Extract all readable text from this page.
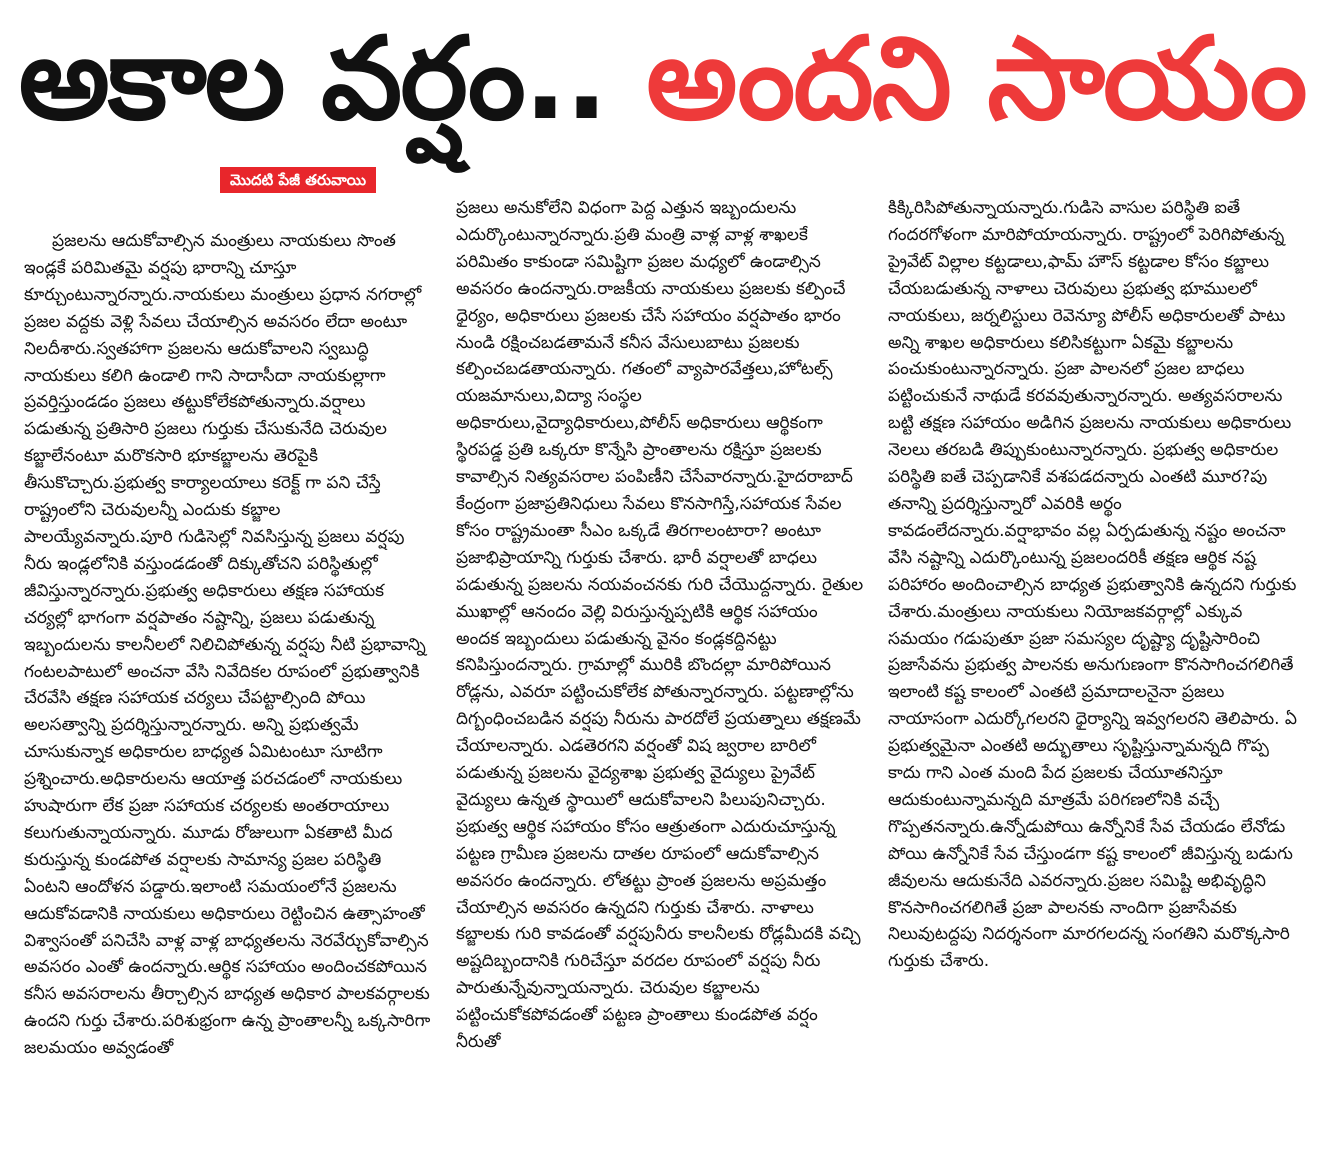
అకాల వర్షం.. అందని సాయం
మొదటి పేజీ తరువాయి

ప్రజలను ఆదుకోవాల్సిన మంత్రులు నాయకులు సొంత ఇండ్లకే పరిమితమై వర్షపు భారాన్ని చూస్తూ కూర్చుంటున్నారన్నారు.నాయకులు మంత్రులు ప్రధాన నగరాల్లో ప్రజల వద్దకు వెళ్లి సేవలు చేయాల్సిన అవసరం లేదా అంటూ నిలదీశారు.స్వతహాగా ప్రజలను ఆదుకోవాలని స్వబుద్ధి నాయకులు కలిగి ఉండాలి గాని సాదాసీదా నాయకుల్లాగా ప్రవర్తిస్తుండడం ప్రజలు తట్టుకోలేకపోతున్నారు.వర్షాలు పడుతున్న ప్రతిసారి ప్రజలు గుర్తుకు చేసుకునేది చెరువుల కబ్జాలేనంటూ మరొకసారి భూకబ్జాలను తెరపైకి తీసుకొచ్చారు.ప్రభుత్వ కార్యాలయాలు కరెక్ట్ గా పని చేస్తే రాష్ట్రంలోని చెరువులన్నీ ఎందుకు కబ్జాల పాలయ్యేవన్నారు.పూరి గుడిసెల్లో నివసిస్తున్న ప్రజలు వర్షపు నీరు ఇండ్లలోనికి వస్తుండడంతో దిక్కుతోచని పరిస్థితుల్లో జీవిస్తున్నారన్నారు.ప్రభుత్వ అధికారులు తక్షణ సహాయక చర్యల్లో భాగంగా వర్షపాతం నష్టాన్ని, ప్రజలు పడుతున్న ఇబ్బందులను కాలనీలలో నిలిచిపోతున్న వర్షపు నీటి ప్రభావాన్ని గంటలపాటులో అంచనా వేసి నివేదికల రూపంలో ప్రభుత్వానికి చేరవేసి తక్షణ సహాయక చర్యలు చేపట్టాల్సింది పోయి అలసత్వాన్ని ప్రదర్శిస్తున్నారన్నారు. అన్ని ప్రభుత్వమే చూసుకున్నాక అధికారుల బాధ్యత ఏమిటంటూ సూటిగా ప్రశ్నించారు.అధికారులను ఆయాత్త పరచడంలో నాయకులు హుషారుగా లేక ప్రజా సహాయక చర్యలకు అంతరాయాలు కలుగుతున్నాయన్నారు. మూడు రోజులుగా ఏకతాటి మీద కురుస్తున్న కుండపోత వర్షాలకు సామాన్య ప్రజల పరిస్థితి ఏంటని ఆందోళన పడ్డారు.ఇలాంటి సమయంలోనే ప్రజలను ఆదుకోవడానికి నాయకులు అధికారులు రెట్టించిన ఉత్సాహంతో విశ్వాసంతో పనిచేసి వాళ్ల వాళ్ల బాధ్యతలను నెరవేర్చుకోవాల్సిన అవసరం ఎంతో ఉందన్నారు.ఆర్థిక సహాయం అందించకపోయిన కనీస అవసరాలను తీర్చాల్సిన బాధ్యత అధికార పాలకవర్గాలకు ఉందని గుర్తు చేశారు.పరిశుభ్రంగా ఉన్న ప్రాంతాలన్నీ ఒక్కసారిగా జలమయం అవ్వడంతో

ప్రజలు అనుకోలేని విధంగా పెద్ద ఎత్తున ఇబ్బందులను ఎదుర్కొంటున్నారన్నారు.ప్రతి మంత్రి వాళ్ల వాళ్ల శాఖలకే పరిమితం కాకుండా సమిష్టిగా ప్రజల మధ్యలో ఉండాల్సిన అవసరం ఉందన్నారు.రాజకీయ నాయకులు ప్రజలకు కల్పించే ధైర్యం, అధికారులు ప్రజలకు చేసే సహాయం వర్షపాతం భారం నుండి రక్షించబడతామనే కనీస వేసులుబాటు ప్రజలకు కల్పించబడతాయన్నారు. గతంలో వ్యాపారవేత్తలు,హోటల్స్ యజమానులు,విద్యా సంస్థల అధికారులు,వైద్యాధికారులు,పోలీస్ అధికారులు ఆర్థికంగా స్థిరపడ్డ ప్రతి ఒక్కరూ కొన్నేసి ప్రాంతాలను రక్షిస్తూ ప్రజలకు కావాల్సిన నిత్యవసరాల పంపిణీని చేసేవారన్నారు.హైదరాబాద్ కేంద్రంగా ప్రజాప్రతినిధులు సేవలు కొనసాగిస్తే,సహాయక సేవల కోసం రాష్ట్రమంతా సీఎం ఒక్కడే తిరగాలంటారా? అంటూ ప్రజాభిప్రాయాన్ని గుర్తుకు చేశారు. భారీ వర్షాలతో బాధలు పడుతున్న ప్రజలను నయవంచనకు గురి చేయొద్దన్నారు. రైతుల ముఖాల్లో ఆనందం వెల్లి విరుస్తున్నప్పటికి ఆర్థిక సహాయం అందక ఇబ్బందులు పడుతున్న వైనం కండ్లకద్దినట్టు కనిపిస్తుందన్నారు. గ్రామాల్లో మురికి బొందల్లా మారిపోయిన రోడ్లను, ఎవరూ పట్టించుకోలేక పోతున్నారన్నారు. పట్టణాల్లోను దిగ్బంధించబడిన వర్షపు నీరును పారదోలే ప్రయత్నాలు తక్షణమే చేయాలన్నారు. ఎడతెరగని వర్షంతో విష జ్వరాల బారిలో పడుతున్న ప్రజలను వైద్యశాఖ ప్రభుత్వ వైద్యులు ప్రైవేట్ వైద్యులు ఉన్నత స్థాయిలో ఆదుకోవాలని పిలుపునిచ్చారు. ప్రభుత్వ ఆర్థిక సహాయం కోసం ఆత్రుతంగా ఎదురుచూస్తున్న పట్టణ గ్రామీణ ప్రజలను దాతల రూపంలో ఆదుకోవాల్సిన అవసరం ఉందన్నారు. లోతట్టు ప్రాంత ప్రజలను అప్రమత్తం చేయాల్సిన అవసరం ఉన్నదని గుర్తుకు చేశారు. నాళాలు కబ్జాలకు గురి కావడంతో వర్షపునీరు కాలనీలకు రోడ్లమీదకి వచ్చి అష్టదిబ్బందానికి గురిచేస్తూ వరదల రూపంలో వర్షపు నీరు పారుతున్నేవున్నాయన్నారు. చెరువుల కబ్జాలను పట్టించుకోకపోవడంతో పట్టణ ప్రాంతాలు కుండపోత వర్షం నీరుతో

కిక్కిరిసిపోతున్నాయన్నారు.గుడిసె వాసుల పరిస్థితి ఐతే గందరగోళంగా మారిపోయాయన్నారు. రాష్ట్రంలో పెరిగిపోతున్న ప్రైవేట్ విల్లాల కట్టడాలు,ఫామ్ హౌస్ కట్టడాల కోసం కబ్జాలు చేయబడుతున్న నాళాలు చెరువులు ప్రభుత్వ భూములలో నాయకులు, జర్నలిస్టులు రెవెన్యూ పోలీస్ అధికారులతో పాటు అన్ని శాఖల అధికారులు కలిసికట్టుగా ఏకమై కబ్జాలను పంచుకుంటున్నారన్నారు. ప్రజా పాలనలో ప్రజల బాధలు పట్టించుకునే నాథుడే కరవవుతున్నారన్నారు. అత్యవసరాలను బట్టి తక్షణ సహాయం అడిగిన ప్రజలను నాయకులు అధికారులు నెలలు తరబడి తిప్పుకుంటున్నారన్నారు. ప్రభుత్వ అధికారుల పరిస్థితి ఐతే చెప్పడానికే వశపడదన్నారు ఎంతటి మూర?పు తనాన్ని ప్రదర్శిస్తున్నారో ఎవరికి అర్థం కావడంలేదన్నారు.వర్షాభావం వల్ల ఏర్పడుతున్న నష్టం అంచనా వేసి నష్టాన్ని ఎదుర్కొంటున్న ప్రజలందరికీ తక్షణ ఆర్థిక నష్ట పరిహారం అందించాల్సిన బాధ్యత ప్రభుత్వానికి ఉన్నదని గుర్తుకు చేశారు.మంత్రులు నాయకులు నియోజకవర్గాల్లో ఎక్కువ సమయం గడుపుతూ ప్రజా సమస్యల దృష్ట్యా దృష్టిసారించి ప్రజాసేవను ప్రభుత్వ పాలనకు అనుగుణంగా కొనసాగించగలిగితే ఇలాంటి కష్ట కాలంలో ఎంతటి ప్రమాదాలనైనా ప్రజలు నాయాసంగా ఎదుర్కోగలరని ధైర్యాన్ని ఇవ్వగలరని తెలిపారు. ఏ ప్రభుత్వమైనా ఎంతటి అద్భుతాలు సృష్టిస్తున్నామన్నది గొప్ప కాదు గాని ఎంత మంది పేద ప్రజలకు చేయూతనిస్తూ ఆదుకుంటున్నామన్నది మాత్రమే పరిగణలోనికి వచ్చే గొప్పతనన్నారు.ఉన్నోడుపోయి ఉన్నోనికే సేవ చేయడం లేనోడు పోయి ఉన్నోనికే సేవ చేస్తుండగా కష్ట కాలంలో జీవిస్తున్న బడుగు జీవులను ఆదుకునేది ఎవరన్నారు.ప్రజల సమిష్టి అభివృద్ధిని కొనసాగించగలిగితే ప్రజా పాలనకు నాందిగా ప్రజాసేవకు నిలువుటద్దపు నిదర్శనంగా మారగలదన్న సంగతిని మరొక్కసారి గుర్తుకు చేశారు.
